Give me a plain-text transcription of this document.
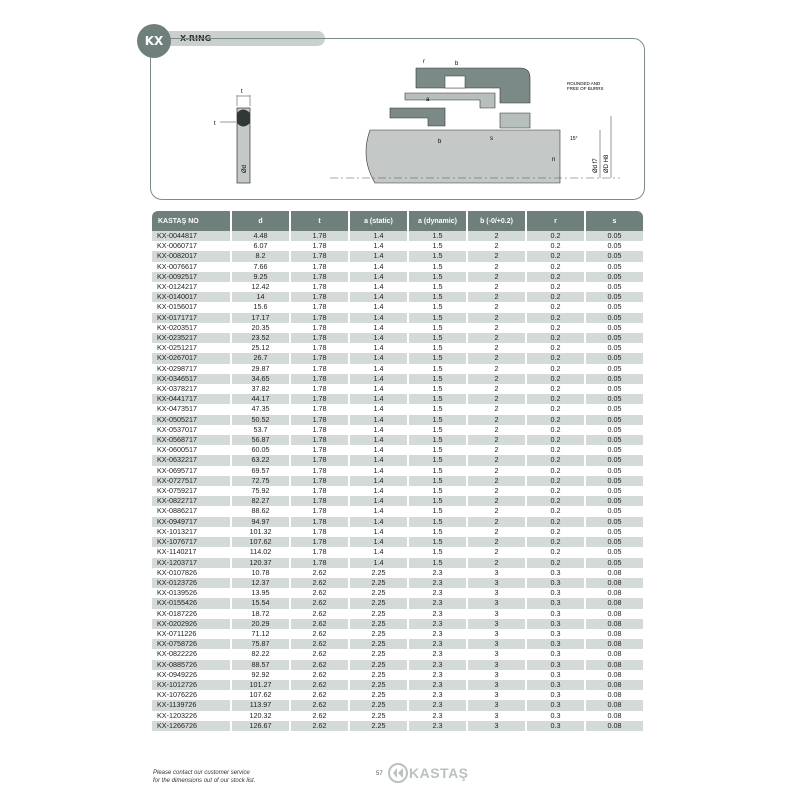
X-RING
KX
t
t
Ød
a
b
b
r
s
n
ROUNDED AND
FREE OF BURRS
15°
Ød f7 ØD H8
KASTAŞ NO	d	t	a (static)	a (dynamic)	b (-0/+0.2)	r	s
KX-0044817	4.48	1.78	1.4	1.5	2	0.2	0.05
KX-0060717	6.07	1.78	1.4	1.5	2	0.2	0.05
KX-0082017	8.2	1.78	1.4	1.5	2	0.2	0.05
KX-0076617	7.66	1.78	1.4	1.5	2	0.2	0.05
KX-0092517	9.25	1.78	1.4	1.5	2	0.2	0.05
KX-0124217	12.42	1.78	1.4	1.5	2	0.2	0.05
KX-0140017	14	1.78	1.4	1.5	2	0.2	0.05
KX-0156017	15.6	1.78	1.4	1.5	2	0.2	0.05
KX-0171717	17.17	1.78	1.4	1.5	2	0.2	0.05
KX-0203517	20.35	1.78	1.4	1.5	2	0.2	0.05
KX-0235217	23.52	1.78	1.4	1.5	2	0.2	0.05
KX-0251217	25.12	1.78	1.4	1.5	2	0.2	0.05
KX-0267017	26.7	1.78	1.4	1.5	2	0.2	0.05
KX-0298717	29.87	1.78	1.4	1.5	2	0.2	0.05
KX-0346517	34.65	1.78	1.4	1.5	2	0.2	0.05
KX-0378217	37.82	1.78	1.4	1.5	2	0.2	0.05
KX-0441717	44.17	1.78	1.4	1.5	2	0.2	0.05
KX-0473517	47.35	1.78	1.4	1.5	2	0.2	0.05
KX-0505217	50.52	1.78	1.4	1.5	2	0.2	0.05
KX-0537017	53.7	1.78	1.4	1.5	2	0.2	0.05
KX-0568717	56.87	1.78	1.4	1.5	2	0.2	0.05
KX-0600517	60.05	1.78	1.4	1.5	2	0.2	0.05
KX-0632217	63.22	1.78	1.4	1.5	2	0.2	0.05
KX-0695717	69.57	1.78	1.4	1.5	2	0.2	0.05
KX-0727517	72.75	1.78	1.4	1.5	2	0.2	0.05
KX-0759217	75.92	1.78	1.4	1.5	2	0.2	0.05
KX-0822717	82.27	1.78	1.4	1.5	2	0.2	0.05
KX-0886217	88.62	1.78	1.4	1.5	2	0.2	0.05
KX-0949717	94.97	1.78	1.4	1.5	2	0.2	0.05
KX-1013217	101.32	1.78	1.4	1.5	2	0.2	0.05
KX-1076717	107.62	1.78	1.4	1.5	2	0.2	0.05
KX-1140217	114.02	1.78	1.4	1.5	2	0.2	0.05
KX-1203717	120.37	1.78	1.4	1.5	2	0.2	0.05
KX-0107826	10.78	2.62	2.25	2.3	3	0.3	0.08
KX-0123726	12.37	2.62	2.25	2.3	3	0.3	0.08
KX-0139526	13.95	2.62	2.25	2.3	3	0.3	0.08
KX-0155426	15.54	2.62	2.25	2.3	3	0.3	0.08
KX-0187226	18.72	2.62	2.25	2.3	3	0.3	0.08
KX-0202926	20.29	2.62	2.25	2.3	3	0.3	0.08
KX-0711226	71.12	2.62	2.25	2.3	3	0.3	0.08
KX-0758726	75.87	2.62	2.25	2.3	3	0.3	0.08
KX-0822226	82.22	2.62	2.25	2.3	3	0.3	0.08
KX-0885726	88.57	2.62	2.25	2.3	3	0.3	0.08
KX-0949226	92.92	2.62	2.25	2.3	3	0.3	0.08
KX-1012726	101.27	2.62	2.25	2.3	3	0.3	0.08
KX-1076226	107.62	2.62	2.25	2.3	3	0.3	0.08
KX-1139726	113.97	2.62	2.25	2.3	3	0.3	0.08
KX-1203226	120.32	2.62	2.25	2.3	3	0.3	0.08
KX-1266726	126.67	2.62	2.25	2.3	3	0.3	0.08
Please contact our customer service
for the dimensions out of our stock list.
57 KASTAŞ
